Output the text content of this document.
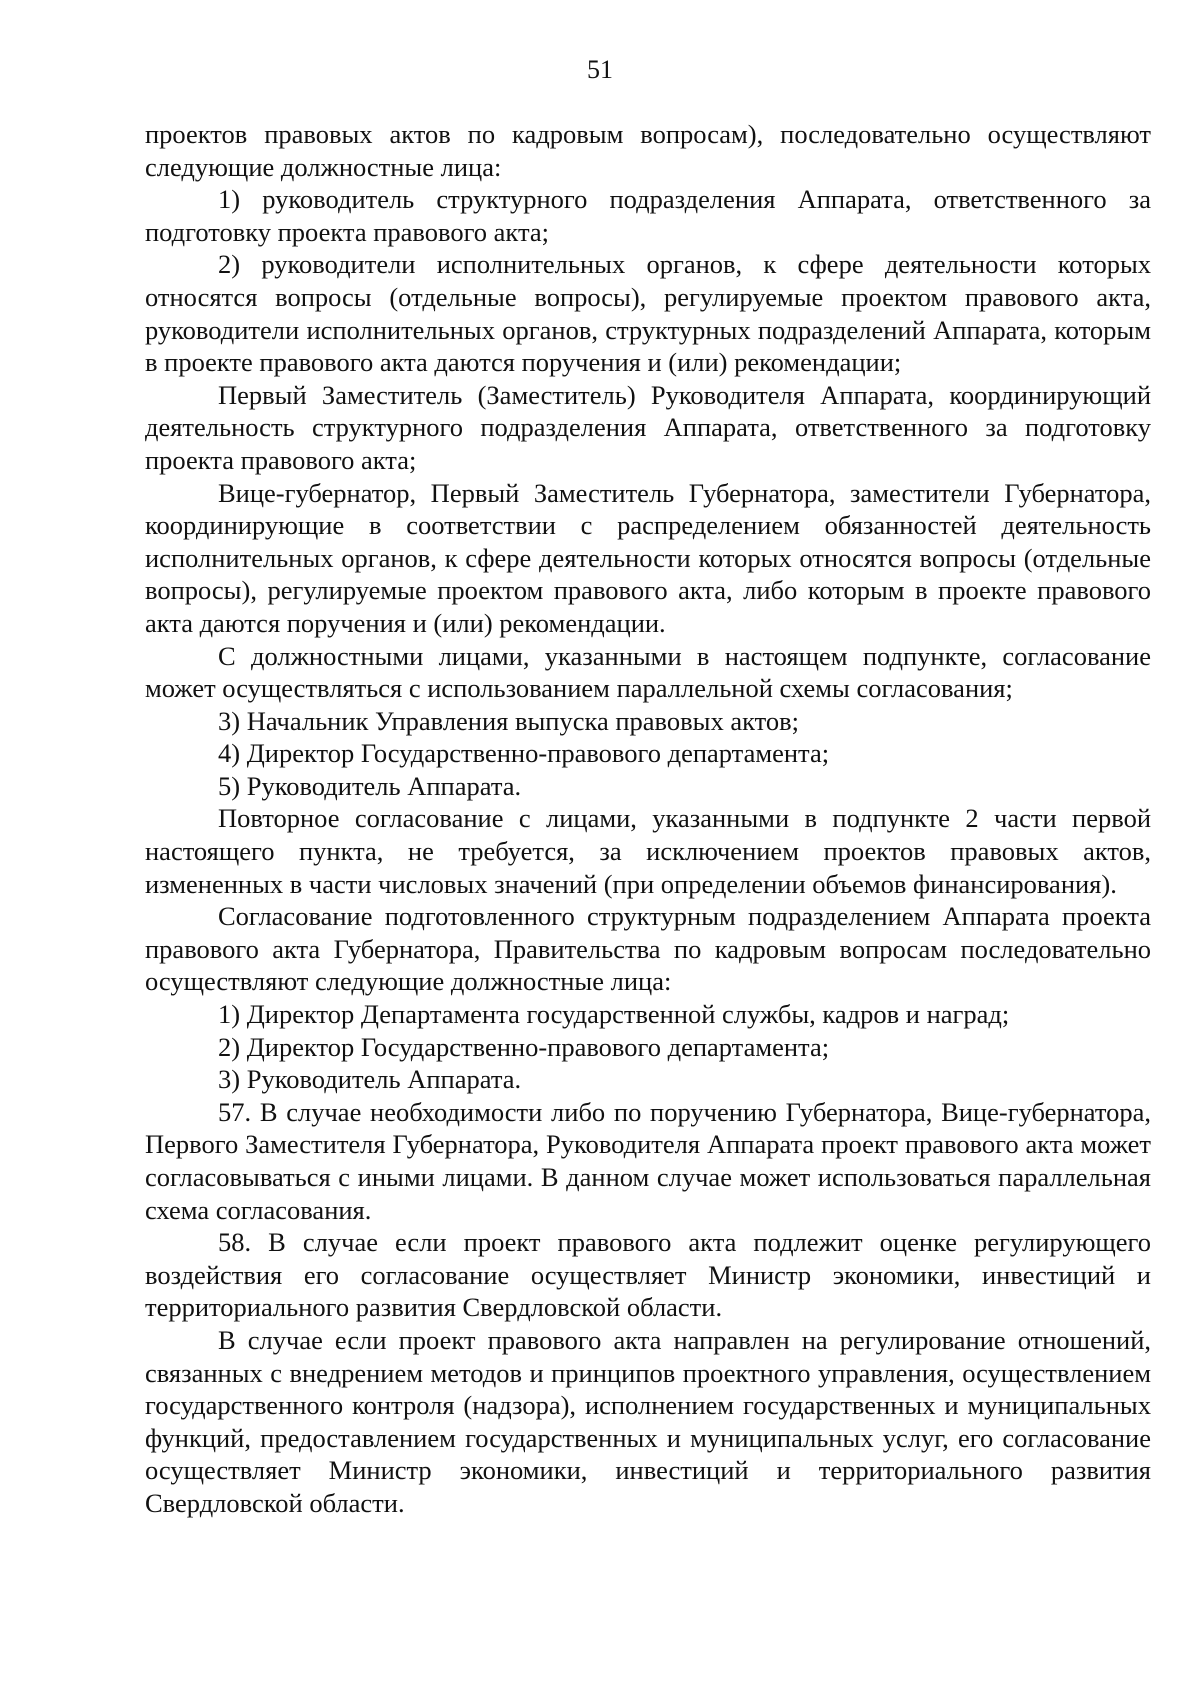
51

проектов правовых актов по кадровым вопросам), последовательно осуществляют следующие должностные лица:

1) руководитель структурного подразделения Аппарата, ответственного за подготовку проекта правового акта;

2) руководители исполнительных органов, к сфере деятельности которых относятся вопросы (отдельные вопросы), регулируемые проектом правового акта, руководители исполнительных органов, структурных подразделений Аппарата, которым в проекте правового акта даются поручения и (или) рекомендации;

Первый Заместитель (Заместитель) Руководителя Аппарата, координирующий деятельность структурного подразделения Аппарата, ответственного за подготовку проекта правового акта;

Вице-губернатор, Первый Заместитель Губернатора, заместители Губернатора, координирующие в соответствии с распределением обязанностей деятельность исполнительных органов, к сфере деятельности которых относятся вопросы (отдельные вопросы), регулируемые проектом правового акта, либо которым в проекте правового акта даются поручения и (или) рекомендации.

С должностными лицами, указанными в настоящем подпункте, согласование может осуществляться с использованием параллельной схемы согласования;

3) Начальник Управления выпуска правовых актов;

4) Директор Государственно-правового департамента;

5) Руководитель Аппарата.

Повторное согласование с лицами, указанными в подпункте 2 части первой настоящего пункта, не требуется, за исключением проектов правовых актов, измененных в части числовых значений (при определении объемов финансирования).

Согласование подготовленного структурным подразделением Аппарата проекта правового акта Губернатора, Правительства по кадровым вопросам последовательно осуществляют следующие должностные лица:

1) Директор Департамента государственной службы, кадров и наград;

2) Директор Государственно-правового департамента;

3) Руководитель Аппарата.

57. В случае необходимости либо по поручению Губернатора, Вице-губернатора, Первого Заместителя Губернатора, Руководителя Аппарата проект правового акта может согласовываться с иными лицами. В данном случае может использоваться параллельная схема согласования.

58. В случае если проект правового акта подлежит оценке регулирующего воздействия его согласование осуществляет Министр экономики, инвестиций и территориального развития Свердловской области.

В случае если проект правового акта направлен на регулирование отношений, связанных с внедрением методов и принципов проектного управления, осуществлением государственного контроля (надзора), исполнением государственных и муниципальных функций, предоставлением государственных и муниципальных услуг, его согласование осуществляет Министр экономики, инвестиций и территориального развития Свердловской области.
